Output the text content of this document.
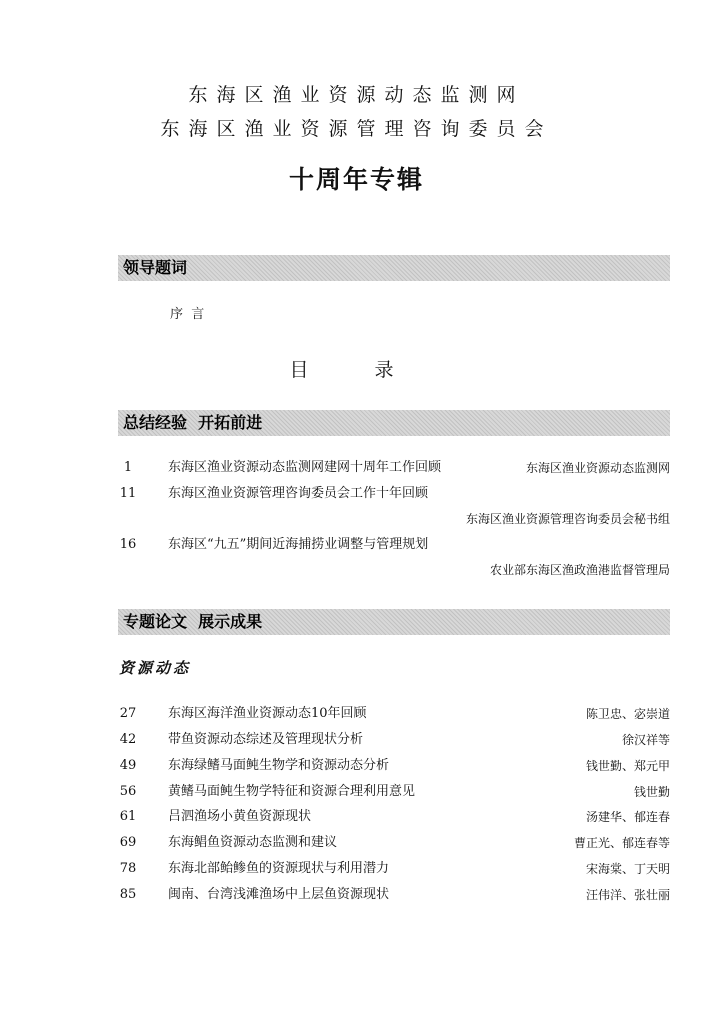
东海区渔业资源动态监测网
东海区渔业资源管理咨询委员会
十周年专辑
领导题词
序  言
目 录
总结经验  开拓前进
1	东海区渔业资源动态监测网建网十周年工作回顾	东海区渔业资源动态监测网
11	东海区渔业资源管理咨询委员会工作十年回顾
东海区渔业资源管理咨询委员会秘书组
16	东海区“九五”期间近海捕捞业调整与管理规划
农业部东海区渔政渔港监督管理局
专题论文  展示成果
资源动态
27	东海区海洋渔业资源动态10年回顾	陈卫忠、宓崇道
42	带鱼资源动态综述及管理现状分析	徐汉祥等
49	东海绿鳍马面鲀生物学和资源动态分析	钱世勤、郑元甲
56	黄鳍马面鲀生物学特征和资源合理利用意见	钱世勤
61	吕泗渔场小黄鱼资源现状	汤建华、郁连春
69	东海鲳鱼资源动态监测和建议	曹正光、郁连春等
78	东海北部鲐鲹鱼的资源现状与利用潜力	宋海棠、丁天明
85	闽南、台湾浅滩渔场中上层鱼资源现状	汪伟洋、张壮丽
